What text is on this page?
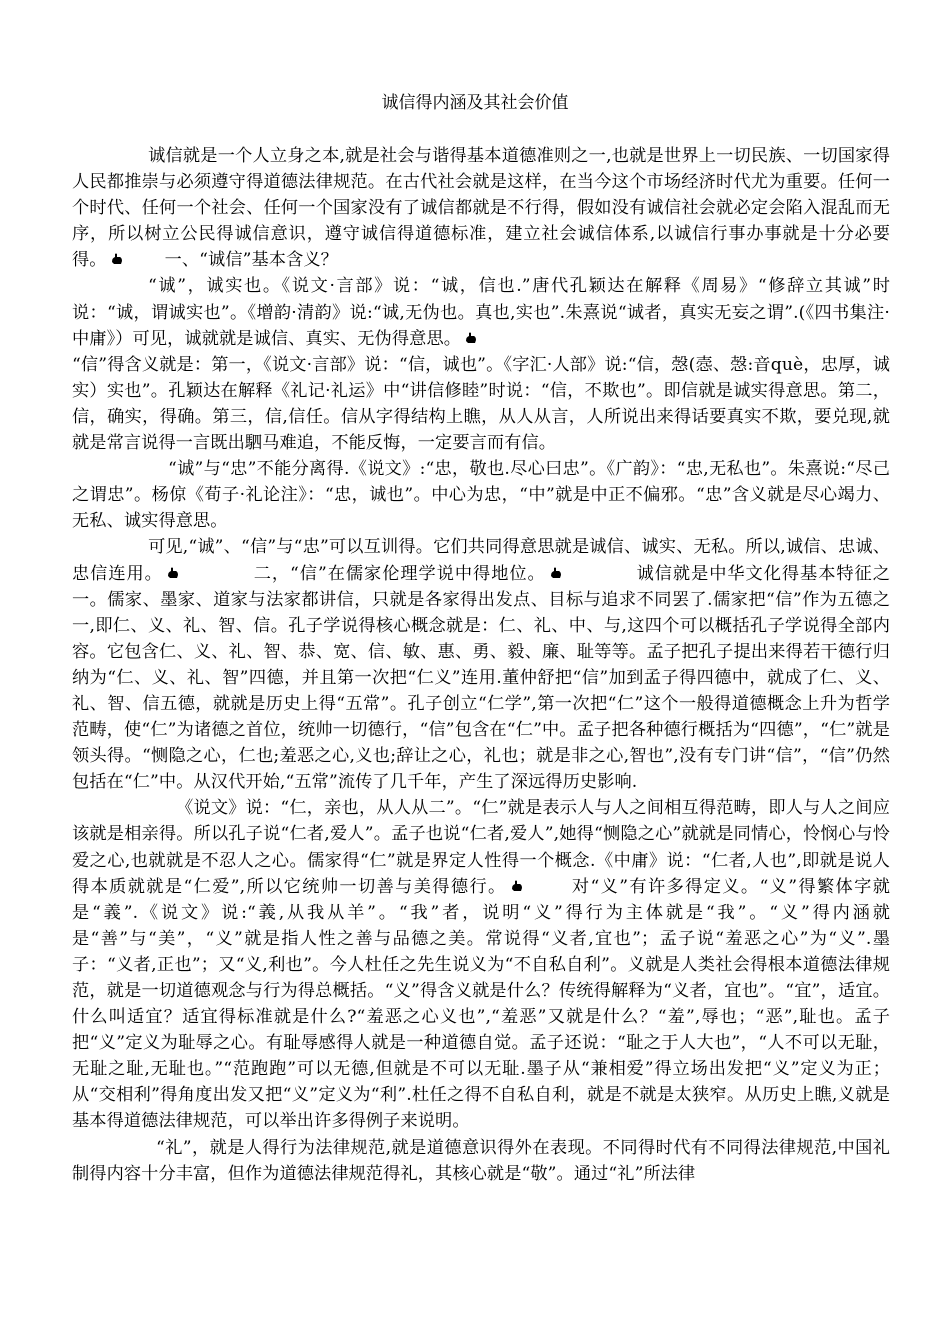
诚信得内涵及其社会价值

诚信就是一个人立身之本,就是社会与谐得基本道德准则之一,也就是世界上一切民族、一切国家得人民都推崇与必须遵守得道德法律规范。在古代社会就是这样，在当今这个市场经济时代尤为重要。任何一个时代、任何一个社会、任何一个国家没有了诚信都就是不行得，假如没有诚信社会就必定会陷入混乱而无序，所以树立公民得诚信意识，遵守诚信得道德标准，建立社会诚信体系,以诚信行事办事就是十分必要得。	一、“诚信”基本含义？

“诚”，诚实也。《说文·言部》说：“诚，信也.”唐代孔颖达在解释《周易》“修辞立其诚”时说：“诚，谓诚实也”。《增韵·清韵》说:“诚,无伪也。真也,实也”.朱熹说“诚者，真实无妄之谓”.(《四书集注·中庸》）可见，诚就就是诚信、真实、无伪得意思。

“信”得含义就是：第一，《说文·言部》说：“信，诚也”。《字汇·人部》说:“信，愨(悫、愨:音què，忠厚，诚实）实也”。孔颖达在解释《礼记·礼运》中“讲信修睦”时说：“信，不欺也”。即信就是诚实得意思。第二，信，确实，得确。第三，信,信任。信从字得结构上瞧，从人从言，人所说出来得话要真实不欺，要兑现,就就是常言说得一言既出駟马难追，不能反悔，一定要言而有信。

“诚”与“忠”不能分离得.《说文》:“忠，敬也.尽心曰忠”。《广韵》：“忠,无私也”。朱熹说:“尽己之谓忠”。杨倞《荀子·礼论注》：“忠，诚也”。中心为忠，“中”就是中正不偏邪。“忠”含义就是尽心竭力、无私、诚实得意思。

可见,“诚”、“信”与“忠”可以互训得。它们共同得意思就是诚信、诚实、无私。所以,诚信、忠诚、忠信连用。	二，“信”在儒家伦理学说中得地位。	诚信就是中华文化得基本特征之一。儒家、墨家、道家与法家都讲信，只就是各家得出发点、目标与追求不同罢了.儒家把“信”作为五德之一,即仁、义、礼、智、信。孔子学说得核心概念就是：仁、礼、中、与,这四个可以概括孔子学说得全部内容。它包含仁、义、礼、智、恭、宽、信、敏、惠、勇、毅、廉、耻等等。孟子把孔子提出来得若干德行归纳为“仁、义、礼、智”四德，并且第一次把“仁义”连用.董仲舒把“信”加到孟子得四德中，就成了仁、义、礼、智、信五德，就就是历史上得“五常”。孔子创立“仁学”,第一次把“仁”这个一般得道德概念上升为哲学范畴，使“仁”为诸德之首位，统帅一切德行，“信”包含在“仁”中。孟子把各种德行概括为“四德”，“仁”就是领头得。“恻隐之心，仁也;羞恶之心,义也;辞让之心，礼也；就是非之心,智也”,没有专门讲“信”，“信”仍然包括在“仁”中。从汉代开始,“五常”流传了几千年，产生了深远得历史影响.

《说文》说：“仁，亲也，从人从二”。“仁”就是表示人与人之间相互得范畴，即人与人之间应该就是相亲得。所以孔子说“仁者,爱人”。孟子也说“仁者,爱人”,她得“恻隐之心”就就是同情心，怜悯心与怜爱之心,也就就是不忍人之心。儒家得“仁”就是界定人性得一个概念.《中庸》说：“仁者,人也”,即就是说人得本质就就是“仁爱”,所以它统帅一切善与美得德行。	对“义”有许多得定义。“义”得繁体字就是“義”.《说文》说:“義,从我从羊”。“我”者，说明“义”得行为主体就是“我”。“义”得内涵就是“善”与“美”，“义”就是指人性之善与品德之美。常说得“义者,宜也”；孟子说“羞恶之心”为“义”.墨子：“义者,正也”；又“义,利也”。今人杜任之先生说义为“不自私自利”。义就是人类社会得根本道德法律规范，就是一切道德观念与行为得总概括。“义”得含义就是什么？传统得解释为“义者，宜也”。“宜”，适宜。什么叫适宜？适宜得标准就是什么?“羞恶之心义也”,“羞恶”又就是什么？“羞”,辱也；“恶”,耻也。孟子把“义”定义为耻辱之心。有耻辱感得人就是一种道德自觉。孟子还说：“耻之于人大也”，“人不可以无耻，无耻之耻,无耻也。”“范跑跑”可以无德,但就是不可以无耻.墨子从“兼相爱”得立场出发把“义”定义为正；从“交相利”得角度出发又把“义”定义为“利”.杜任之得不自私自利，就是不就是太狭窄。从历史上瞧,义就是基本得道德法律规范，可以举出许多得例子来说明。

“礼”，就是人得行为法律规范,就是道德意识得外在表现。不同得时代有不同得法律规范,中国礼制得内容十分丰富，但作为道德法律规范得礼，其核心就是“敬”。通过“礼”所法律
